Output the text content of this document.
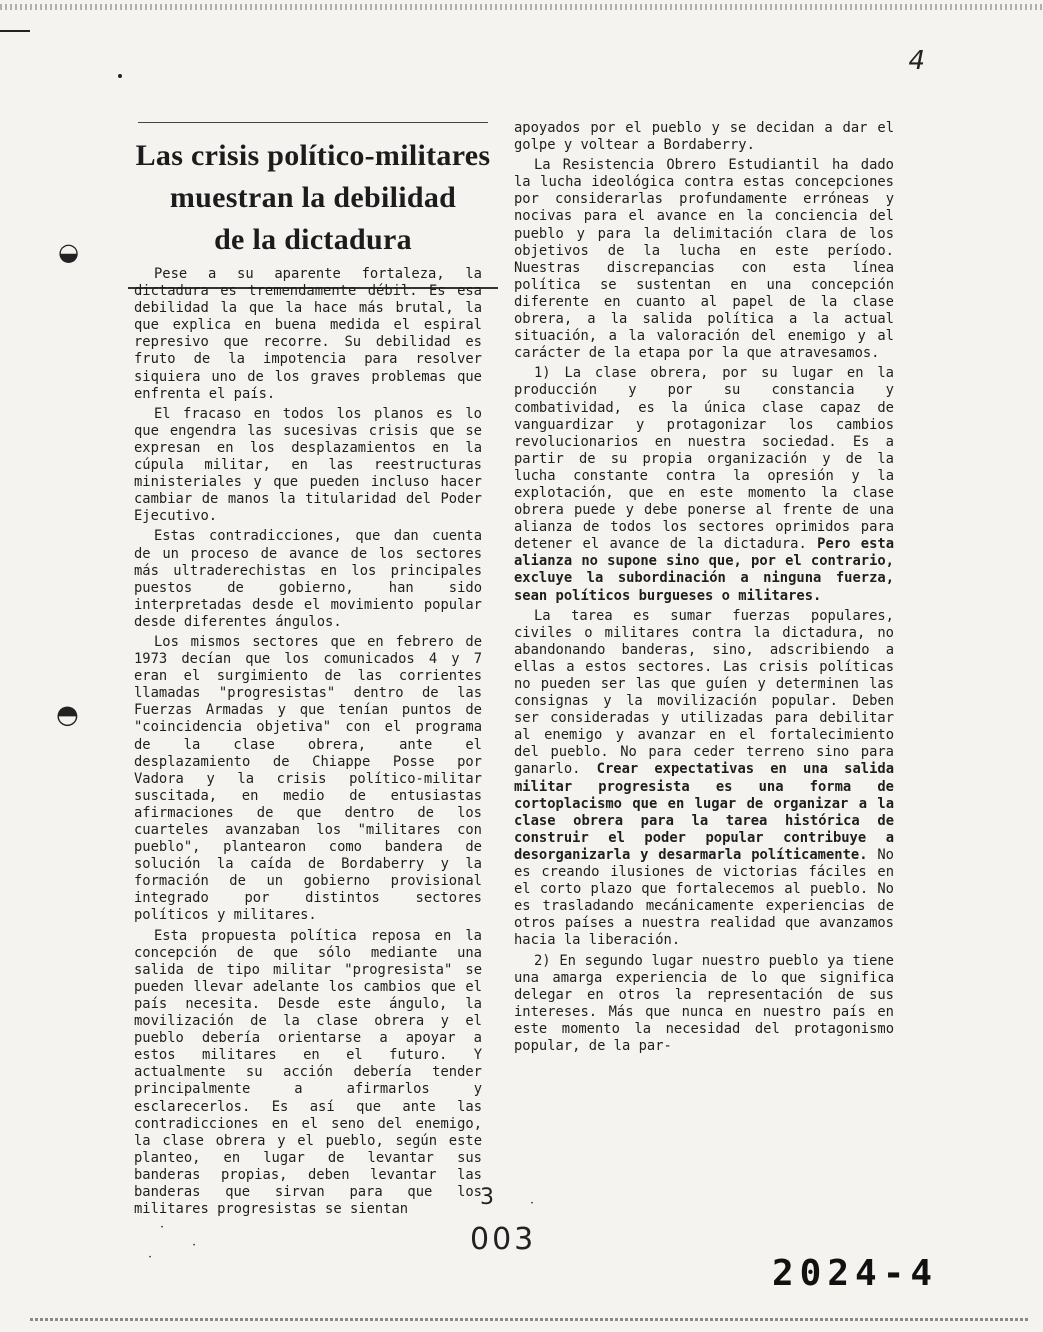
4
◒
◓
Las crisis político-militares
muestran la debilidad
de la dictadura

Pese a su aparente fortaleza, la dictadura es tremendamente débil. Es esa debilidad la que la hace más brutal, la que explica en buena medida el espiral represivo que recorre. Su debilidad es fruto de la impotencia para resolver siquiera uno de los graves problemas que enfrenta el país.

El fracaso en todos los planos es lo que engendra las sucesivas crisis que se expresan en los desplazamientos en la cúpula militar, en las reestructuras ministeriales y que pueden incluso hacer cambiar de manos la titularidad del Poder Ejecutivo.

Estas contradicciones, que dan cuenta de un proceso de avance de los sectores más ultraderechistas en los principales puestos de gobierno, han sido interpretadas desde el movimiento popular desde diferentes ángulos.

Los mismos sectores que en febrero de 1973 decían que los comunicados 4 y 7 eran el surgimiento de las corrientes llamadas "progresistas" dentro de las Fuerzas Armadas y que tenían puntos de "coincidencia objetiva" con el programa de la clase obrera, ante el desplazamiento de Chiappe Posse por Vadora y la crisis político-militar suscitada, en medio de entusiastas afirmaciones de que dentro de los cuarteles avanzaban los "militares con pueblo", plantearon como bandera de solución la caída de Bordaberry y la formación de un gobierno provisional integrado por distintos sectores políticos y militares.

Esta propuesta política reposa en la concepción de que sólo mediante una salida de tipo militar "progresista" se pueden llevar adelante los cambios que el país necesita. Desde este ángulo, la movilización de la clase obrera y el pueblo debería orientarse a apoyar a estos militares en el futuro. Y actualmente su acción debería tender principalmente a afirmarlos y esclarecerlos. Es así que ante las contradicciones en el seno del enemigo, la clase obrera y el pueblo, según este planteo, en lugar de levantar sus banderas propias, deben levantar las banderas que sirvan para que los militares progresistas se sientan

apoyados por el pueblo y se decidan a dar el golpe y voltear a Bordaberry.

La Resistencia Obrero Estudiantil ha dado la lucha ideológica contra estas concepciones por considerarlas profundamente erróneas y nocivas para el avance en la conciencia del pueblo y para la delimitación clara de los objetivos de la lucha en este período. Nuestras discrepancias con esta línea política se sustentan en una concepción diferente en cuanto al papel de la clase obrera, a la salida política a la actual situación, a la valoración del enemigo y al carácter de la etapa por la que atravesamos.

1) La clase obrera, por su lugar en la producción y por su constancia y combatividad, es la única clase capaz de vanguardizar y protagonizar los cambios revolucionarios en nuestra sociedad. Es a partir de su propia organización y de la lucha constante contra la opresión y la explotación, que en este momento la clase obrera puede y debe ponerse al frente de una alianza de todos los sectores oprimidos para detener el avance de la dictadura. Pero esta alianza no supone sino que, por el contrario, excluye la subordinación a ninguna fuerza, sean políticos burgueses o militares.

La tarea es sumar fuerzas populares, civiles o militares contra la dictadura, no abandonando banderas, sino, adscribiendo a ellas a estos sectores. Las crisis políticas no pueden ser las que guíen y determinen las consignas y la movilización popular. Deben ser consideradas y utilizadas para debilitar al enemigo y avanzar en el fortalecimiento del pueblo. No para ceder terreno sino para ganarlo. Crear expectativas en una salida militar progresista es una forma de cortoplacismo que en lugar de organizar a la clase obrera para la tarea histórica de construir el poder popular contribuye a desorganizarla y desarmarla políticamente. No es creando ilusiones de victorias fáciles en el corto plazo que fortalecemos al pueblo. No es trasladando mecánicamente experiencias de otros países a nuestra realidad que avanzamos hacia la liberación.

2) En segundo lugar nuestro pueblo ya tiene una amarga experiencia de lo que significa delegar en otros la representación de sus intereses. Más que nunca en nuestro país en este momento la necesidad del protagonismo popular, de la par-

3
003
2024-4
·
·
·
·
